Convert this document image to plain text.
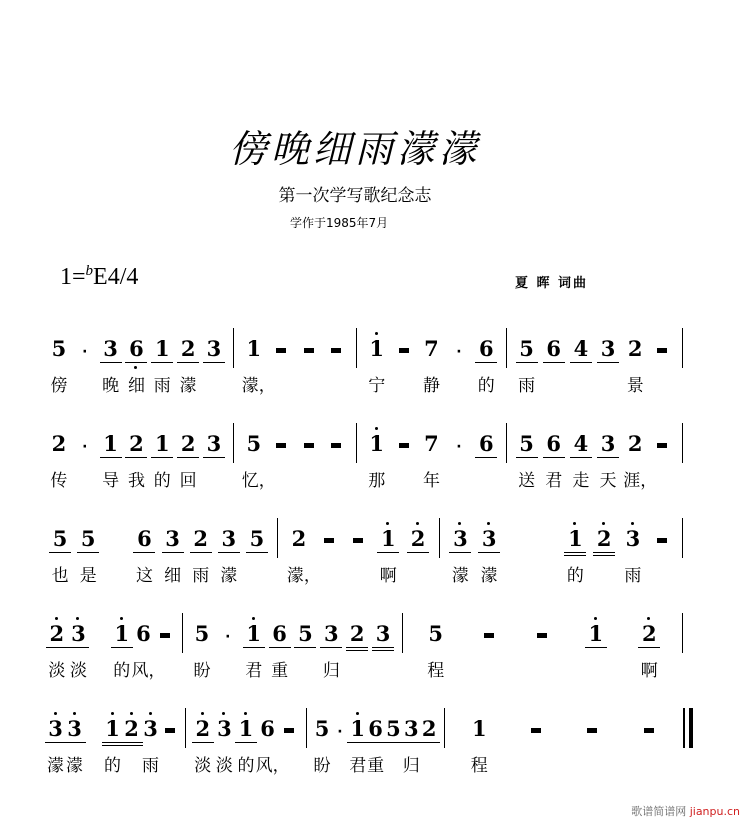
傍晚细雨濛濛
第一次学写歌纪念志
学作于1985年7月
1=$^b$E4/4	夏 晖 词曲
5
傍
· 3
晚
6
细
1
雨
2
濛
3 1
濛，
1
宁
7
静
· 6
的
5
雨
6 4 3 2
景
2
传
· 1
导
2
我
1
的
2
回
3 5
忆，
1
那
7
年
· 6 5
送
6
君
4
走
3
天
2
涯，
5
也
5
是
6
这
3
细
2
雨
3
濛
5 2
濛，
1
啊
2 3
濛
3
濛
1
的
2 3
雨
2
淡
3
淡
1
的
6
风，
5
盼
· 1
君
6
重
5 3
归
2 3 5
程
1 2
啊
3
濛
3
濛
1
的
2 3
雨
2
淡
3
淡
1
的
6
风，
5
盼
· 1
君
6
重
5 3
归
2 1
程
歌谱简谱网 jianpu.cn
